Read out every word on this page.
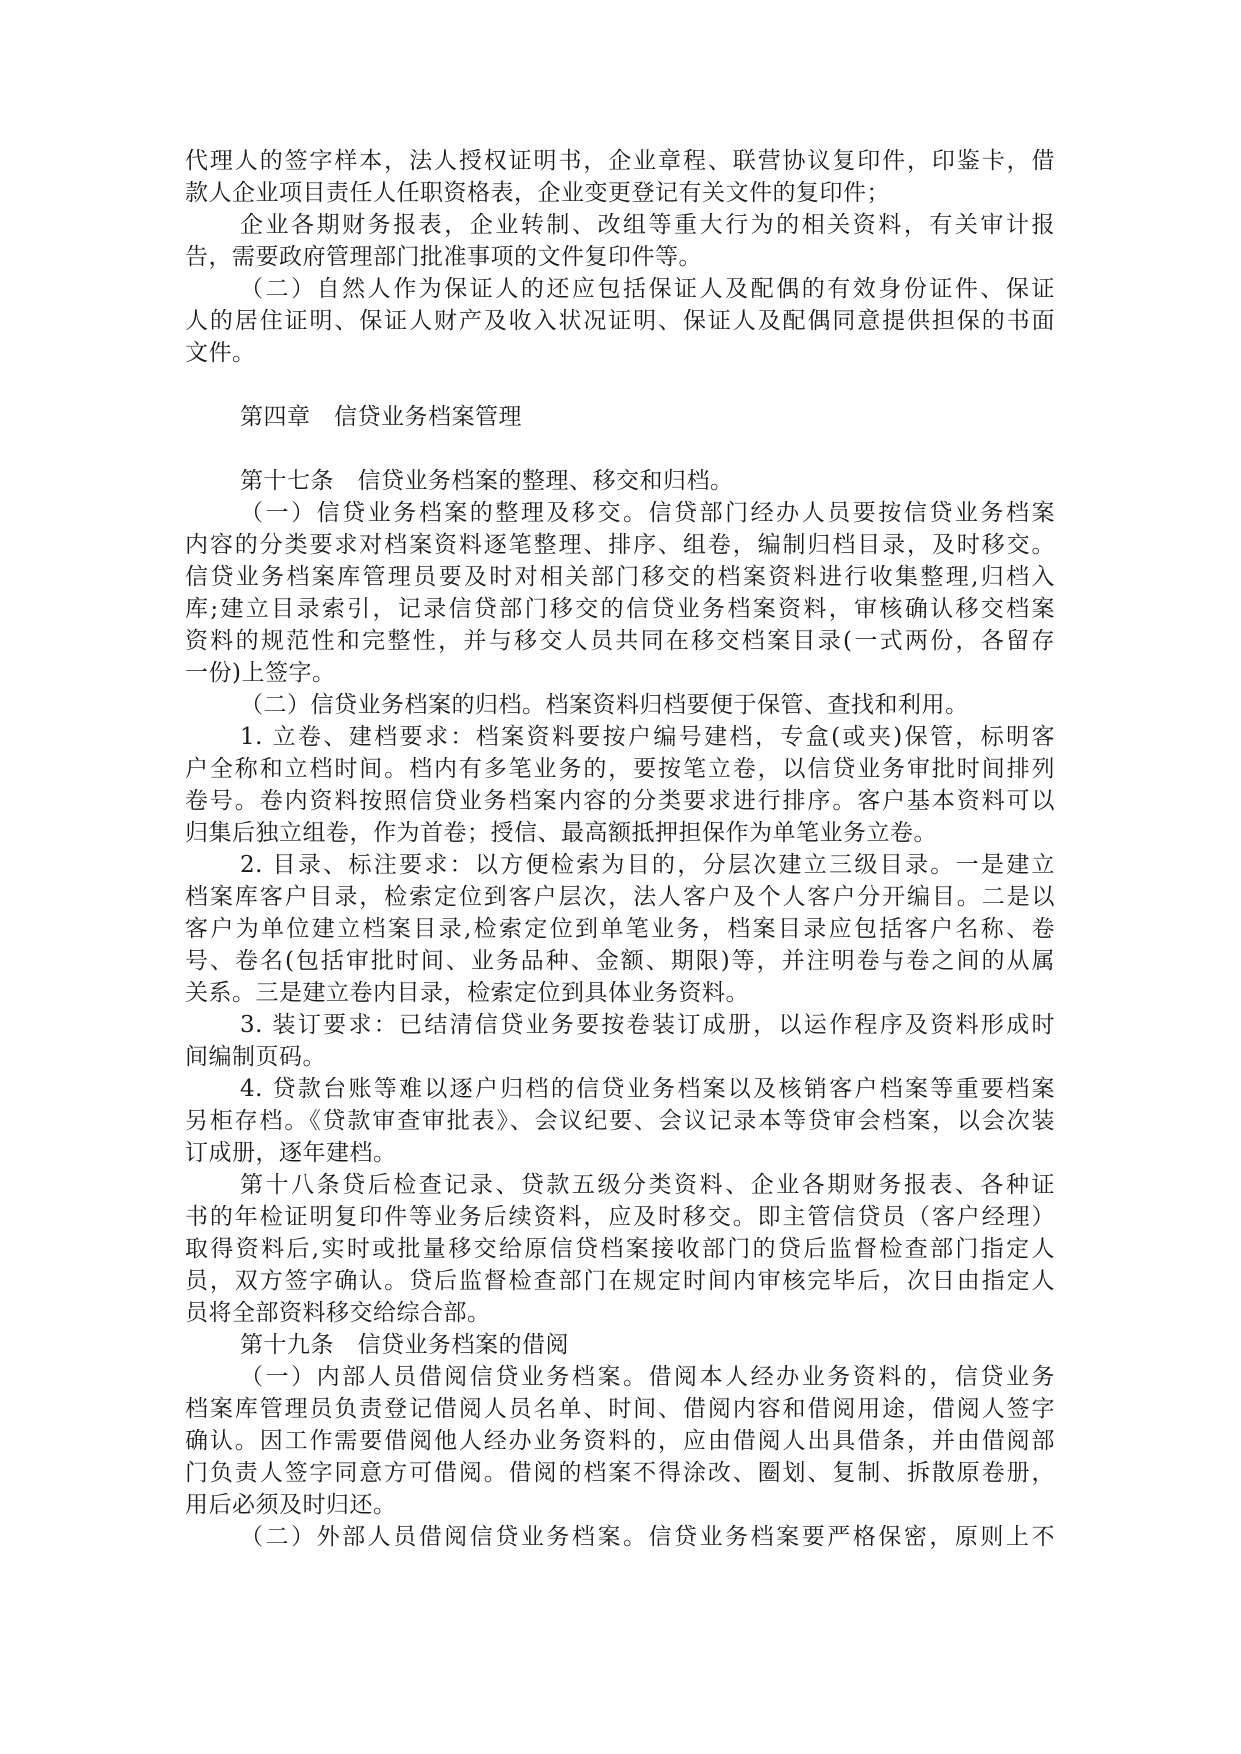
代理人的签字样本，法人授权证明书，企业章程、联营协议复印件，印鉴卡，借
款人企业项目责任人任职资格表，企业变更登记有关文件的复印件；
企业各期财务报表，企业转制、改组等重大行为的相关资料，有关审计报
告，需要政府管理部门批准事项的文件复印件等。
（二）自然人作为保证人的还应包括保证人及配偶的有效身份证件、保证
人的居住证明、保证人财产及收入状况证明、保证人及配偶同意提供担保的书面
文件。
第四章　信贷业务档案管理
第十七条　信贷业务档案的整理、移交和归档。
（一）信贷业务档案的整理及移交。信贷部门经办人员要按信贷业务档案
内容的分类要求对档案资料逐笔整理、排序、组卷，编制归档目录，及时移交。
信贷业务档案库管理员要及时对相关部门移交的档案资料进行收集整理,归档入
库;建立目录索引，记录信贷部门移交的信贷业务档案资料，审核确认移交档案
资料的规范性和完整性，并与移交人员共同在移交档案目录(一式两份，各留存
一份)上签字。
（二）信贷业务档案的归档。档案资料归档要便于保管、查找和利用。
1. 立卷、建档要求：档案资料要按户编号建档，专盒(或夹)保管，标明客
户全称和立档时间。档内有多笔业务的，要按笔立卷，以信贷业务审批时间排列
卷号。卷内资料按照信贷业务档案内容的分类要求进行排序。客户基本资料可以
归集后独立组卷，作为首卷；授信、最高额抵押担保作为单笔业务立卷。
2. 目录、标注要求：以方便检索为目的，分层次建立三级目录。一是建立
档案库客户目录，检索定位到客户层次，法人客户及个人客户分开编目。二是以
客户为单位建立档案目录,检索定位到单笔业务，档案目录应包括客户名称、卷
号、卷名(包括审批时间、业务品种、金额、期限)等，并注明卷与卷之间的从属
关系。三是建立卷内目录，检索定位到具体业务资料。
3. 装订要求：已结清信贷业务要按卷装订成册，以运作程序及资料形成时
间编制页码。
4. 贷款台账等难以逐户归档的信贷业务档案以及核销客户档案等重要档案
另柜存档。《贷款审查审批表》、会议纪要、会议记录本等贷审会档案，以会次装
订成册，逐年建档。
第十八条贷后检查记录、贷款五级分类资料、企业各期财务报表、各种证
书的年检证明复印件等业务后续资料，应及时移交。即主管信贷员（客户经理）
取得资料后,实时或批量移交给原信贷档案接收部门的贷后监督检查部门指定人
员，双方签字确认。贷后监督检查部门在规定时间内审核完毕后，次日由指定人
员将全部资料移交给综合部。
第十九条　信贷业务档案的借阅
（一）内部人员借阅信贷业务档案。借阅本人经办业务资料的，信贷业务
档案库管理员负责登记借阅人员名单、时间、借阅内容和借阅用途，借阅人签字
确认。因工作需要借阅他人经办业务资料的，应由借阅人出具借条，并由借阅部
门负责人签字同意方可借阅。借阅的档案不得涂改、圈划、复制、拆散原卷册，
用后必须及时归还。
（二）外部人员借阅信贷业务档案。信贷业务档案要严格保密，原则上不
